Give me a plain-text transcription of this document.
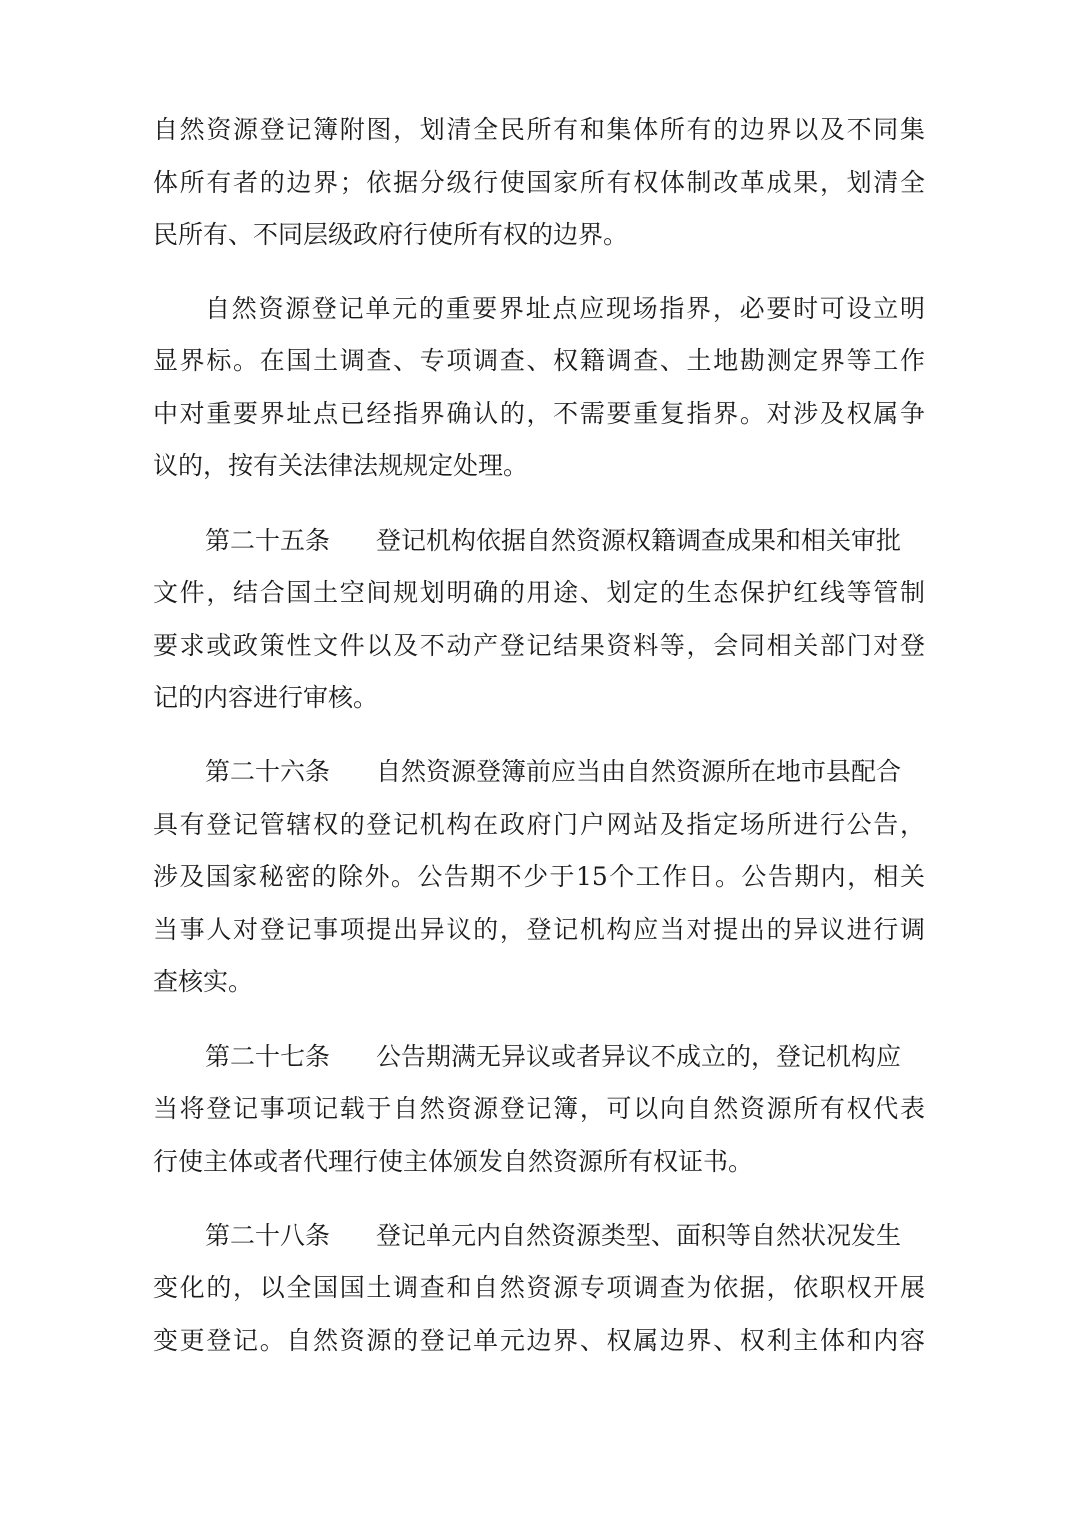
自然资源登记簿附图，划清全民所有和集体所有的边界以及不同集
体所有者的边界；依据分级行使国家所有权体制改革成果，划清全
民所有、不同层级政府行使所有权的边界。
自然资源登记单元的重要界址点应现场指界，必要时可设立明
显界标。在国土调查、专项调查、权籍调查、土地勘测定界等工作
中对重要界址点已经指界确认的，不需要重复指界。对涉及权属争
议的，按有关法律法规规定处理。
第二十五条 登记机构依据自然资源权籍调查成果和相关审批
文件，结合国土空间规划明确的用途、划定的生态保护红线等管制
要求或政策性文件以及不动产登记结果资料等，会同相关部门对登
记的内容进行审核。
第二十六条 自然资源登簿前应当由自然资源所在地市县配合
具有登记管辖权的登记机构在政府门户网站及指定场所进行公告，
涉及国家秘密的除外。公告期不少于15个工作日。公告期内，相关
当事人对登记事项提出异议的，登记机构应当对提出的异议进行调
查核实。
第二十七条 公告期满无异议或者异议不成立的，登记机构应
当将登记事项记载于自然资源登记簿，可以向自然资源所有权代表
行使主体或者代理行使主体颁发自然资源所有权证书。
第二十八条 登记单元内自然资源类型、面积等自然状况发生
变化的，以全国国土调查和自然资源专项调查为依据，依职权开展
变更登记。自然资源的登记单元边界、权属边界、权利主体和内容
